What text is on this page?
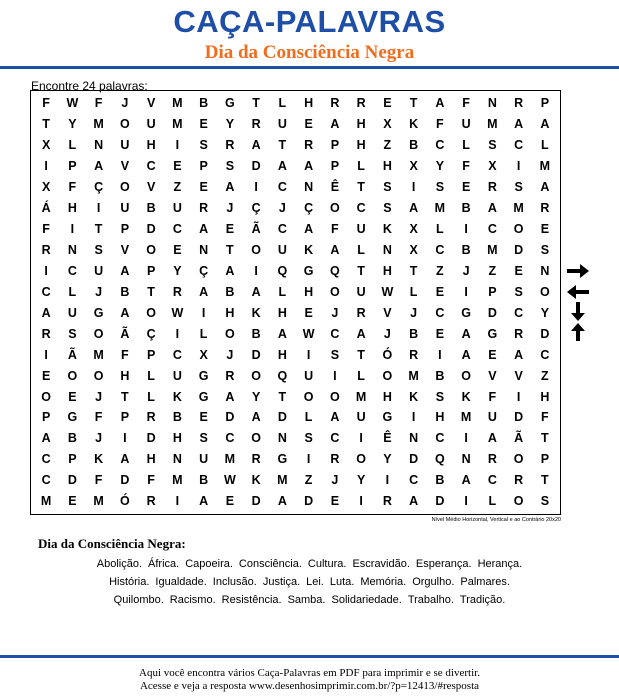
CAÇA-PALAVRAS
Dia da Consciência Negra
Encontre 24 palavras:
F	W	F	J	V	M	B	G	T	L	H	R	R	E	T	A	F	N	R	P
T	Y	M	O	U	M	E	Y	R	U	E	A	H	X	K	F	U	M	A	A
X	L	N	U	H	I	S	R	A	T	R	P	H	Z	B	C	L	S	C	L
I	P	A	V	C	E	P	S	D	A	A	P	L	H	X	Y	F	X	I	M
X	F	Ç	O	V	Z	E	A	I	C	N	Ê	T	S	I	S	E	R	S	A
Á	H	I	U	B	U	R	J	Ç	J	Ç	O	C	S	A	M	B	A	M	R
F	I	T	P	D	C	A	E	Ã	C	A	F	U	K	X	L	I	C	O	E
R	N	S	V	O	E	N	T	O	U	K	A	L	N	X	C	B	M	D	S
I	C	U	A	P	Y	Ç	A	I	Q	G	Q	T	H	T	Z	J	Z	E	N
C	L	J	B	T	R	A	B	A	L	H	O	U	W	L	E	I	P	S	O
A	U	G	A	O	W	I	H	K	H	E	J	R	V	J	C	G	D	C	Y
R	S	O	Ã	Ç	I	L	O	B	A	W	C	A	J	B	E	A	G	R	D
I	Ã	M	F	P	C	X	J	D	H	I	S	T	Ó	R	I	A	E	A	C
E	O	O	H	L	U	G	R	O	Q	U	I	L	O	M	B	O	V	V	Z
O	E	J	T	L	K	G	A	Y	T	O	O	M	H	K	S	K	F	I	H
P	G	F	P	R	B	E	D	A	D	L	A	U	G	I	H	M	U	D	F
A	B	J	I	D	H	S	C	O	N	S	C	I	Ê	N	C	I	A	Ã	T
C	P	K	A	H	N	U	M	R	G	I	R	O	Y	D	Q	N	R	O	P
C	D	F	D	F	M	B	W	K	M	Z	J	Y	I	C	B	A	C	R	T
M	E	M	Ó	R	I	A	E	D	A	D	E	I	R	A	D	I	L	O	S
Nível Médio Horizontal, Vertical e ao Contrário 20x20
Dia da Consciência Negra:
Abolição. África. Capoeira. Consciência. Cultura. Escravidão. Esperança. Herança.
História. Igualdade. Inclusão. Justiça. Lei. Luta. Memória. Orgulho. Palmares.
Quilombo. Racismo. Resistência. Samba. Solidariedade. Trabalho. Tradição.
Aqui você encontra vários Caça-Palavras em PDF para imprimir e se divertir.
Acesse e veja a resposta www.desenhosimprimir.com.br/?p=12413/#resposta
